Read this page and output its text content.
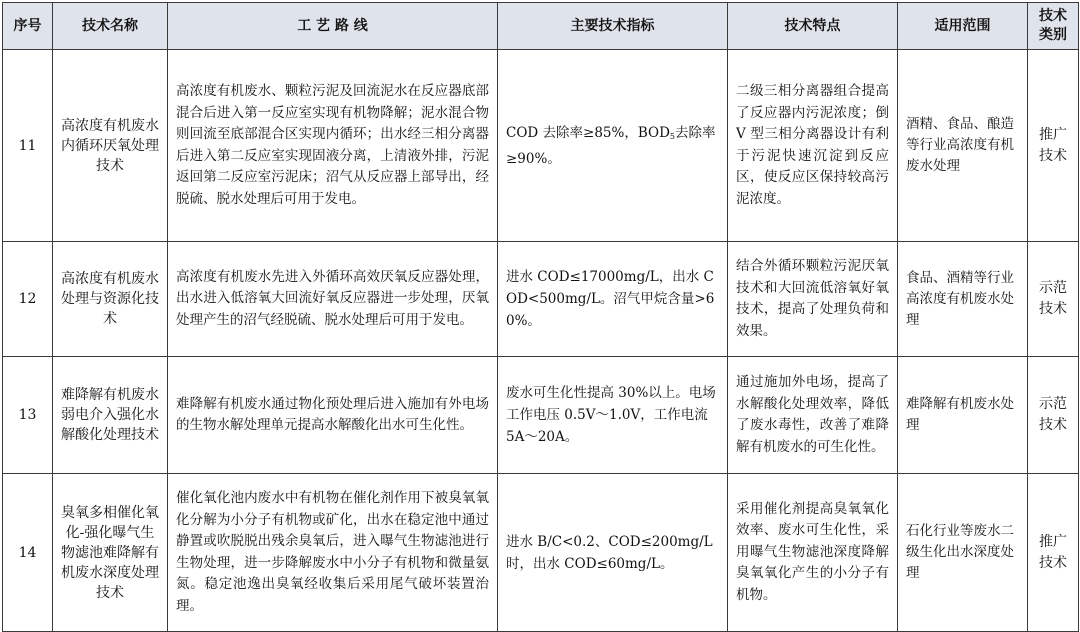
序号	技术名称	工 艺 路 线	主要技术指标	技术特点	适用范围	技术
类别
11	高浓度有机废水内循环厌氧处理技术	高浓度有机废水、颗粒污泥及回流泥水在反应器底部混合后进入第一反应室实现有机物降解；泥水混合物则回流至底部混合区实现内循环；出水经三相分离器后进入第二反应室实现固液分离，上清液外排，污泥返回第二反应室污泥床；沼气从反应器上部导出，经脱硫、脱水处理后可用于发电。	COD 去除率≥85%，$BOD_5$去除率≥90%。	二级三相分离器组合提高了反应器内污泥浓度；倒 V 型三相分离器设计有利于污泥快速沉淀到反应区，使反应区保持较高污泥浓度。	酒精、食品、酿造等行业高浓度有机废水处理	推广技术
12	高浓度有机废水处理与资源化技术	高浓度有机废水先进入外循环高效厌氧反应器处理，出水进入低溶氧大回流好氧反应器进一步处理，厌氧处理产生的沼气经脱硫、脱水处理后可用于发电。	进水 COD≤17000mg/L，出水 COD<500mg/L。沼气甲烷含量>60%。	结合外循环颗粒污泥厌氧技术和大回流低溶氧好氧技术，提高了处理负荷和效果。	食品、酒精等行业高浓度有机废水处理	示范技术
13	难降解有机废水弱电介入强化水解酸化处理技术	难降解有机废水通过物化预处理后进入施加有外电场的生物水解处理单元提高水解酸化出水可生化性。	废水可生化性提高 30%以上。电场工作电压 0.5V～1.0V，工作电流 5A～20A。	通过施加外电场，提高了水解酸化处理效率，降低了废水毒性，改善了难降解有机废水的可生化性。	难降解有机废水处理	示范技术
14	臭氧多相催化氧化-强化曝气生物滤池难降解有机废水深度处理技术	催化氧化池内废水中有机物在催化剂作用下被臭氧氧化分解为小分子有机物或矿化，出水在稳定池中通过静置或吹脱脱出残余臭氧后，进入曝气生物滤池进行生物处理，进一步降解废水中小分子有机物和微量氨氮。稳定池逸出臭氧经收集后采用尾气破坏装置治理。	进水 B/C<0.2、COD≤200mg/L 时，出水 COD≤60mg/L。	采用催化剂提高臭氧氧化效率、废水可生化性，采用曝气生物滤池深度降解臭氧氧化产生的小分子有机物。	石化行业等废水二级生化出水深度处理	推广技术
